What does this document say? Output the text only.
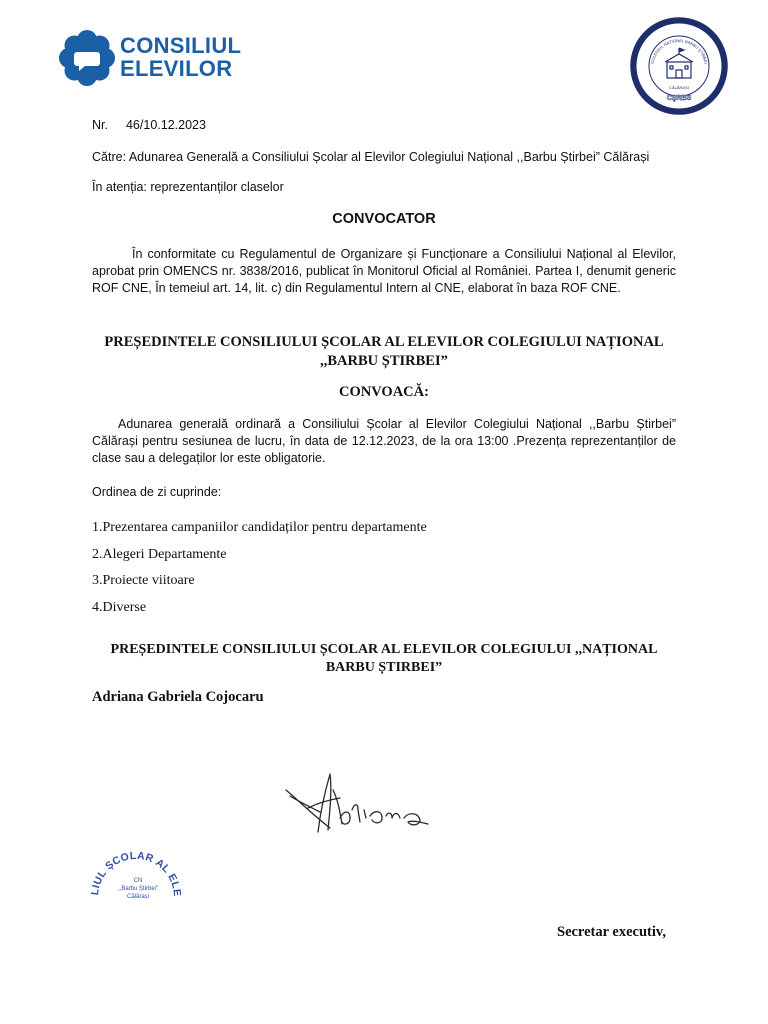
CONSILIUL
ELEVILOR	SILIUL ȘCOLAR AL ELEVI
COLEGIUL NAȚIONAL BARBU ȘTIRBEI
CĂLĂRAȘI
CŞRBS
Nr. 46/10.12.2023
Către: Adunarea Generală a Consiliului Școlar al Elevilor Colegiului Național ,,Barbu Știrbei” Călărași
În atenția: reprezentanților claselor
CONVOCATOR
În conformitate cu Regulamentul de Organizare și Funcționare a Consiliului Național al Elevilor, aprobat prin OMENCS nr. 3838/2016, publicat în Monitorul Oficial al României. Partea I, denumit generic ROF CNE, În temeiul art. 14, lit. c) din Regulamentul Intern al CNE, elaborat în baza ROF CNE.
PREȘEDINTELE CONSILIULUI ȘCOLAR AL ELEVILOR COLEGIULUI NAȚIONAL ,,BARBU ȘTIRBEI”
CONVOACĂ:
Adunarea generală ordinară a Consiliului Școlar al Elevilor Colegiului Național ,,Barbu Știrbei” Călărași pentru sesiunea de lucru, în data de 12.12.2023, de la ora 13:00 .Prezența reprezentanților de clase sau a delegaților lor este obligatorie.
Ordinea de zi cuprinde:
1.Prezentarea campaniilor candidaților pentru departamente
2.Alegeri Departamente
3.Proiecte viitoare
4.Diverse
PREȘEDINTELE CONSILIULUI ȘCOLAR AL ELEVILOR COLEGIULUI ,,NAȚIONAL BARBU ȘTIRBEI”
Adriana Gabriela Cojocaru
LIUL ȘCOLAR AL ELE
CN
,,Barbu Știrbei”
Călărași
Secretar executiv,
